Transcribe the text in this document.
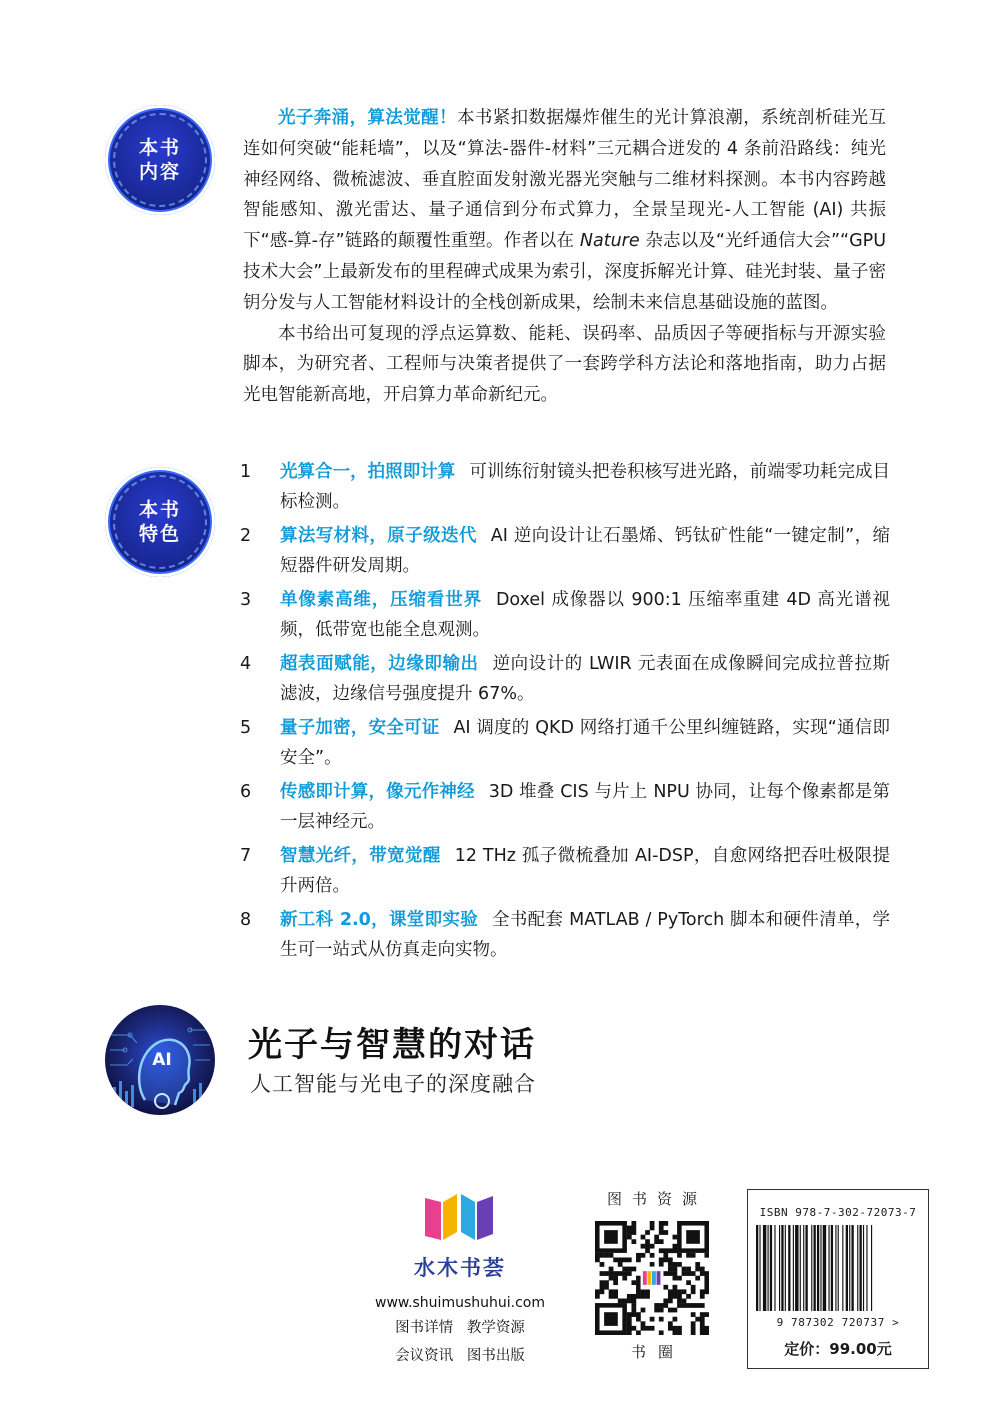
本书
内容

光子奔涌，算法觉醒！本书紧扣数据爆炸催生的光计算浪潮，系统剖析硅光互连如何突破“能耗墙”，以及“算法-器件-材料”三元耦合迸发的 4 条前沿路线：纯光神经网络、微梳滤波、垂直腔面发射激光器光突触与二维材料探测。本书内容跨越智能感知、激光雷达、量子通信到分布式算力，全景呈现光-人工智能 (AI) 共振下“感-算-存”链路的颠覆性重塑。作者以在 Nature 杂志以及“光纤通信大会”“GPU 技术大会”上最新发布的里程碑式成果为索引，深度拆解光计算、硅光封装、量子密钥分发与人工智能材料设计的全栈创新成果，绘制未来信息基础设施的蓝图。

本书给出可复现的浮点运算数、能耗、误码率、品质因子等硬指标与开源实验脚本，为研究者、工程师与决策者提供了一套跨学科方法论和落地指南，助力占据光电智能新高地，开启算力革命新纪元。

本书
特色
1	光算合一，拍照即计算 可训练衍射镜头把卷积核写进光路，前端零功耗完成目标检测。
2	算法写材料，原子级迭代 AI 逆向设计让石墨烯、钙钛矿性能“一键定制”，缩短器件研发周期。
3	单像素高维，压缩看世界 Doxel 成像器以 900:1 压缩率重建 4D 高光谱视频，低带宽也能全息观测。
4	超表面赋能，边缘即输出 逆向设计的 LWIR 元表面在成像瞬间完成拉普拉斯滤波，边缘信号强度提升 67%。
5	量子加密，安全可证 AI 调度的 QKD 网络打通千公里纠缠链路，实现“通信即安全”。
6	传感即计算，像元作神经 3D 堆叠 CIS 与片上 NPU 协同，让每个像素都是第一层神经元。
7	智慧光纤，带宽觉醒 12 THz 孤子微梳叠加 AI-DSP，自愈网络把吞吐极限提升两倍。
8	新工科 2.0，课堂即实验 全书配套 MATLAB / PyTorch 脚本和硬件清单，学生可一站式从仿真走向实物。
AI 光子与智慧的对话
人工智能与光电子的深度融合
水木书荟
www.shuimushuhui.com
图书详情 教学资源
会议资讯 图书出版
图书资源
书圈
ISBN 978-7-302-72073-7
9 787302 720737 >
定价：99.00元
